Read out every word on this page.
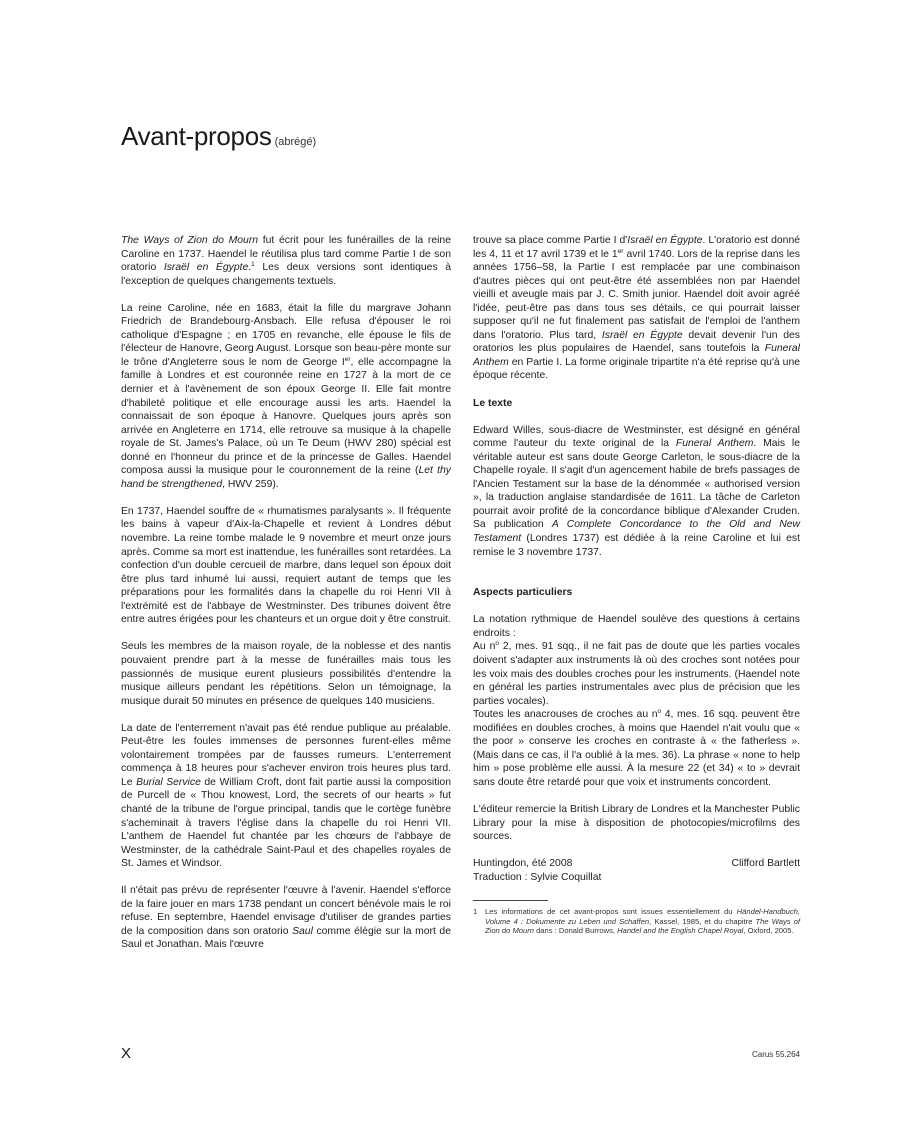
Avant-propos (abrégé)

The Ways of Zion do Mourn fut écrit pour les funérailles de la reine Caroline en 1737. Haendel le réutilisa plus tard comme Partie I de son oratorio Israël en Égypte.$^1$ Les deux versions sont identiques à l'exception de quelques changements textuels.

La reine Caroline, née en 1683, était la fille du margrave Johann Friedrich de Brandebourg-Ansbach. Elle refusa d'épouser le roi catholique d'Espagne ; en 1705 en revanche, elle épouse le fils de l'électeur de Hanovre, Georg August. Lorsque son beau-père monte sur le trône d'Angleterre sous le nom de George Ier, elle accompagne la famille à Londres et est couronnée reine en 1727 à la mort de ce dernier et à l'avènement de son époux George II. Elle fait montre d'habileté politique et elle encourage aussi les arts. Haendel la connaissait de son époque à Hanovre. Quelques jours après son arrivée en Angleterre en 1714, elle retrouve sa musique à la chapelle royale de St. James's Palace, où un Te Deum (HWV 280) spécial est donné en l'honneur du prince et de la princesse de Galles. Haendel composa aussi la musique pour le couronnement de la reine (Let thy hand be strengthened, HWV 259).

En 1737, Haendel souffre de « rhumatismes paralysants ». Il fréquente les bains à vapeur d'Aix-la-Chapelle et revient à Londres début novembre. La reine tombe malade le 9 novembre et meurt onze jours après. Comme sa mort est inattendue, les funérailles sont retardées. La confection d'un double cercueil de marbre, dans lequel son époux doit être plus tard inhumé lui aussi, requiert autant de temps que les préparations pour les formalités dans la chapelle du roi Henri VII à l'extrémité est de l'abbaye de Westminster. Des tribunes doivent être entre autres érigées pour les chanteurs et un orgue doit y être construit.

Seuls les membres de la maison royale, de la noblesse et des nantis pouvaient prendre part à la messe de funérailles mais tous les passionnés de musique eurent plusieurs possibilités d'entendre la musique ailleurs pendant les répétitions. Selon un témoignage, la musique durait 50 minutes en présence de quelques 140 musiciens.

La date de l'enterrement n'avait pas été rendue publique au préalable. Peut-être les foules immenses de personnes furent-elles même volontairement trompées par de fausses rumeurs. L'enterrement commença à 18 heures pour s'achever environ trois heures plus tard. Le Burial Service de William Croft, dont fait partie aussi la composition de Purcell de « Thou knowest, Lord, the secrets of our hearts » fut chanté de la tribune de l'orgue principal, tandis que le cortège funèbre s'acheminait à travers l'église dans la chapelle du roi Henri VII. L'anthem de Haendel fut chantée par les chœurs de l'abbaye de Westminster, de la cathédrale Saint-Paul et des chapelles royales de St. James et Windsor.

Il n'était pas prévu de représenter l'œuvre à l'avenir. Haendel s'efforce de la faire jouer en mars 1738 pendant un concert bénévole mais le roi refuse. En septembre, Haendel envisage d'utiliser de grandes parties de la composition dans son oratorio Saul comme élégie sur la mort de Saul et Jonathan. Mais l'œuvre

trouve sa place comme Partie I d'Israël en Égypte. L'oratorio est donné les 4, 11 et 17 avril 1739 et le 1er avril 1740. Lors de la reprise dans les années 1756–58, la Partie I est remplacée par une combinaison d'autres pièces qui ont peut-être été assemblées non par Haendel vieilli et aveugle mais par J. C. Smith junior. Haendel doit avoir agréé l'idée, peut-être pas dans tous ses détails, ce qui pourrait laisser supposer qu'il ne fut finalement pas satisfait de l'emploi de l'anthem dans l'oratorio. Plus tard, Israël en Égypte devait devenir l'un des oratorios les plus populaires de Haendel, sans toutefois la Funeral Anthem en Partie I. La forme originale tripartite n'a été reprise qu'à une époque récente.

Le texte

Edward Willes, sous-diacre de Westminster, est désigné en général comme l'auteur du texte original de la Funeral Anthem. Mais le véritable auteur est sans doute George Carleton, le sous-diacre de la Chapelle royale. Il s'agit d'un agencement habile de brefs passages de l'Ancien Testament sur la base de la dénommée « authorised version », la traduction anglaise standardisée de 1611. La tâche de Carleton pourrait avoir profité de la concordance biblique d'Alexander Cruden. Sa publication A Complete Concordance to the Old and New Testament (Londres 1737) est dédiée à la reine Caroline et lui est remise le 3 novembre 1737.

Aspects particuliers

La notation rythmique de Haendel soulève des questions à certains endroits :
Au $n^o$ 2, mes. 91 sqq., il ne fait pas de doute que les parties vocales doivent s'adapter aux instruments là où des croches sont notées pour les voix mais des doubles croches pour les instruments. (Haendel note en général les parties instrumentales avec plus de précision que les parties vocales).
Toutes les anacrouses de croches au $n^o$ 4, mes. 16 sqq. peuvent être modifiées en doubles croches, à moins que Haendel n'ait voulu que « the poor » conserve les croches en contraste à « the fatherless ». (Mais dans ce cas, il l'a oublié à la mes. 36). La phrase « none to help him » pose problème elle aussi. À la mesure 22 (et 34) « to » devrait sans doute être retardé pour que voix et instruments concordent.

L'éditeur remercie la British Library de Londres et la Manchester Public Library pour la mise à disposition de photocopies/microfilms des sources.

Huntingdon, été 2008	Clifford Bartlett
Traduction : Sylvie Coquillat
1	Les informations de cet avant-propos sont issues essentiellement du Händel-Handbuch, Volume 4 : Dokumente zu Leben und Schaffen, Kassel, 1985, et du chapitre The Ways of Zion do Mourn dans : Donald Burrows, Handel and the English Chapel Royal, Oxford, 2005.
X	Carus 55.264
